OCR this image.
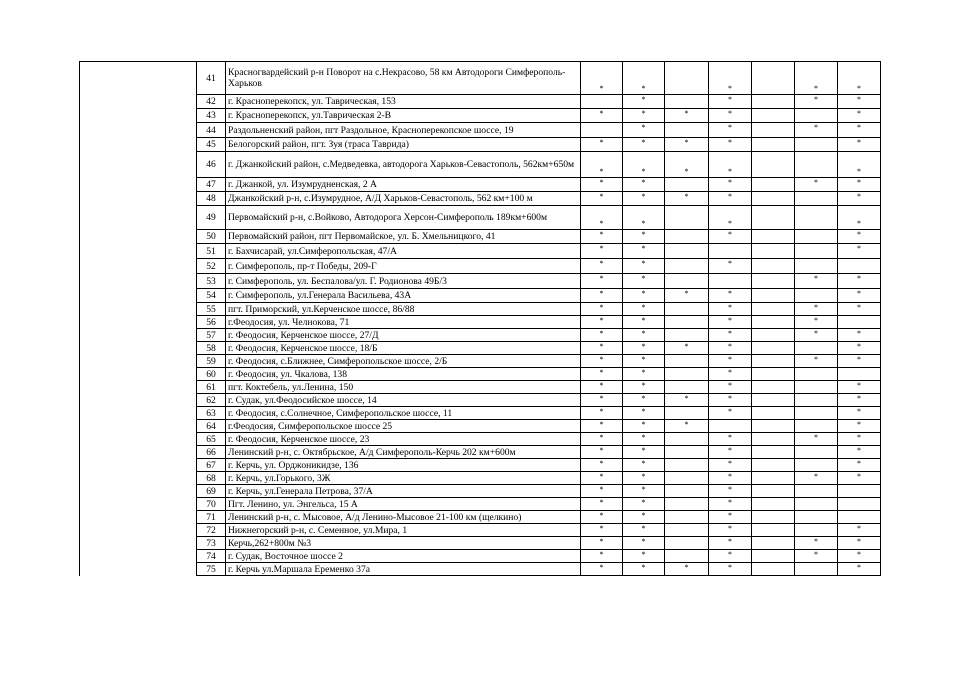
	41	Красногвардейский р-н Поворот на с.Некрасово, 58 км Автодороги Симферополь- Харьков	*	*		*		*	*
	42	г. Красноперекопск, ул. Таврическая, 153		*		*		*	*
	43	г. Красноперекопск, ул.Таврическая 2-В	*	*	*	*			*
	44	Раздольненский район, пгт Раздольное, Красноперекопское шоссе, 19		*		*		*	*
	45	Белогорский район, пгт. Зуя (траса Таврида)	*	*	*	*			*
	46	г. Джанкойский район, с.Медведевка, автодорога Харьков-Севастополь, 562км+650м	*	*	*	*			*
	47	г. Джанкой, ул. Изумрудненская, 2 А	*	*		*		*	*
	48	Джанкойский р-н, с.Изумрудное, А/Д Харьков-Севастополь, 562 км+100 м	*	*	*	*			*
	49	Первомайский р-н, с.Войково, Автодорога Херсон-Симферополь 189км+600м	*	*		*			*
	50	Первомайский район, пгт Первомайское, ул. Б. Хмельницкого, 41	*	*		*			*
	51	г. Бахчисарай, ул.Симферопольская, 47/А	*	*					*
	52	г. Симферополь, пр-т Победы, 209-Г	*	*		*			
	53	г. Симферополь, ул. Беспалова/ул. Г. Родионова 49Б/3	*	*				*	*
	54	г. Симферополь, ул.Генерала Васильева, 43А	*	*	*	*			*
	55	пгт. Приморский, ул.Керченское шоссе, 86/88	*	*		*		*	*
	56	г.Феодосия, ул. Челнокова, 71	*	*		*		*	
	57	г. Феодосия, Керченское шоссе, 27/Д	*	*		*		*	*
	58	г. Феодосия, Керченское шоссе, 18/Б	*	*	*	*			*
	59	г. Феодосия, с.Ближнее, Симферопольское шоссе, 2/Б	*	*		*		*	*
	60	г. Феодосия, ул. Чкалова, 138	*	*		*			
	61	пгт. Коктебель, ул.Ленина, 150	*	*		*			*
	62	г. Судак, ул.Феодосийское шоссе, 14	*	*	*	*			*
	63	г. Феодосия, с.Солнечное, Симферопольское шоссе, 11	*	*		*			*
	64	г.Феодосия, Симферопольское шоссе 25	*	*	*				*
	65	г. Феодосия, Керченское шоссе, 23	*	*		*		*	*
	66	Ленинский р-н, с. Октябрьское, А/д Симферополь-Керчь 202 км+600м	*	*		*			*
	67	г. Керчь, ул. Орджоникидзе, 136	*	*		*			*
	68	г. Керчь, ул.Горького, 3Ж	*	*		*		*	*
	69	г. Керчь, ул.Генерала Петрова, 37/А	*	*		*			
	70	Пгт. Ленино, ул. Энгельса, 15 А	*	*		*			
	71	Ленинский р-н, с. Мысовое, А/д Ленино-Мысовое 21-100 км (щелкино)	*	*		*			
	72	Нижнегорский р-н, с. Семенное, ул.Мира, 1	*	*		*			*
	73	Керчь,262+800м №3	*	*		*		*	*
	74	г. Судак, Восточное шоссе 2	*	*		*		*	*
	75	г. Керчь ул.Маршала Еременко 37а	*	*	*	*			*
